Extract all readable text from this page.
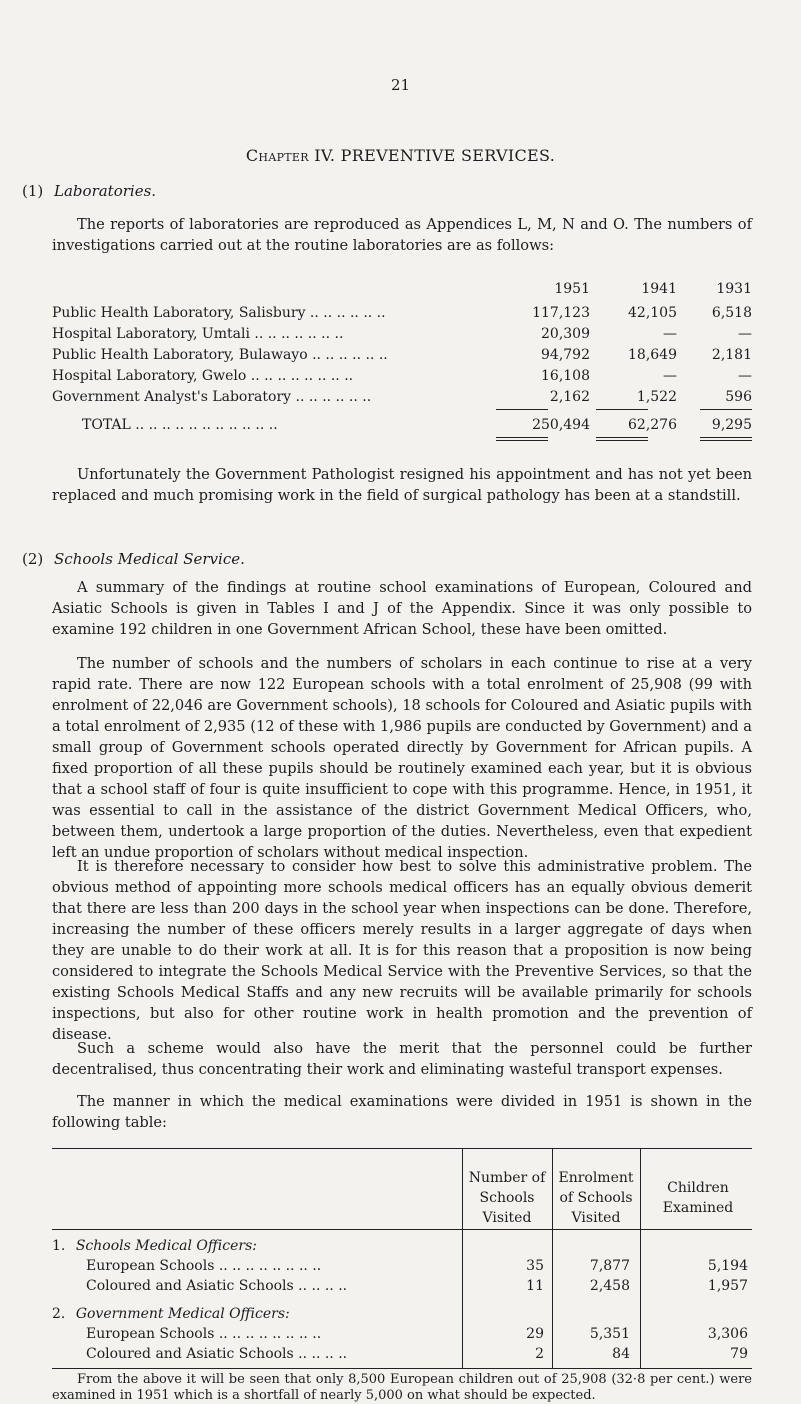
21
Chapter IV. PREVENTIVE SERVICES.
(1) Laboratories.
The reports of laboratories are reproduced as Appendices L, M, N and O. The numbers of investigations carried out at the routine laboratories are as follows:
1951	1941	1931
Public Health Laboratory, Salisbury .. .. .. .. .. ..	117,123	42,105	6,518
Hospital Laboratory, Umtali .. .. .. .. .. .. ..	20,309	—	—
Public Health Laboratory, Bulawayo .. .. .. .. .. ..	94,792	18,649	2,181
Hospital Laboratory, Gwelo .. .. .. .. .. .. .. ..	16,108	—	—
Government Analyst's Laboratory .. .. .. .. .. ..	2,162	1,522	596
TOTAL .. .. .. .. .. .. .. .. .. .. ..	250,494	62,276	9,295
Unfortunately the Government Pathologist resigned his appointment and has not yet been replaced and much promising work in the field of surgical pathology has been at a standstill.
(2) Schools Medical Service.
A summary of the findings at routine school examinations of European, Coloured and Asiatic Schools is given in Tables I and J of the Appendix. Since it was only possible to examine 192 children in one Government African School, these have been omitted.
The number of schools and the numbers of scholars in each continue to rise at a very rapid rate. There are now 122 European schools with a total enrolment of 25,908 (99 with enrolment of 22,046 are Government schools), 18 schools for Coloured and Asiatic pupils with a total enrolment of 2,935 (12 of these with 1,986 pupils are conducted by Government) and a small group of Government schools operated directly by Government for African pupils. A fixed proportion of all these pupils should be routinely examined each year, but it is obvious that a school staff of four is quite insufficient to cope with this programme. Hence, in 1951, it was essential to call in the assistance of the district Government Medical Officers, who, between them, undertook a large proportion of the duties. Nevertheless, even that expedient left an undue proportion of scholars without medical inspection.
It is therefore necessary to consider how best to solve this administrative problem. The obvious method of appointing more schools medical officers has an equally obvious demerit that there are less than 200 days in the school year when inspections can be done. Therefore, increasing the number of these officers merely results in a larger aggregate of days when they are unable to do their work at all. It is for this reason that a proposition is now being considered to integrate the Schools Medical Service with the Preventive Services, so that the existing Schools Medical Staffs and any new recruits will be available primarily for schools inspections, but also for other routine work in health promotion and the prevention of disease.
Such a scheme would also have the merit that the personnel could be further decentralised, thus concentrating their work and eliminating wasteful transport expenses.
The manner in which the medical examinations were divided in 1951 is shown in the following table:
Number of Schools Visited
Enrolment of Schools Visited
Children Examined
1. Schools Medical Officers:
European Schools .. .. .. .. .. .. .. ..	35	7,877	5,194
Coloured and Asiatic Schools .. .. .. ..	11	2,458	1,957
2. Government Medical Officers:
European Schools .. .. .. .. .. .. .. ..	29	5,351	3,306
Coloured and Asiatic Schools .. .. .. ..	2	84	79
From the above it will be seen that only 8,500 European children out of 25,908 (32·8 per cent.) were examined in 1951 which is a shortfall of nearly 5,000 on what should be expected.
